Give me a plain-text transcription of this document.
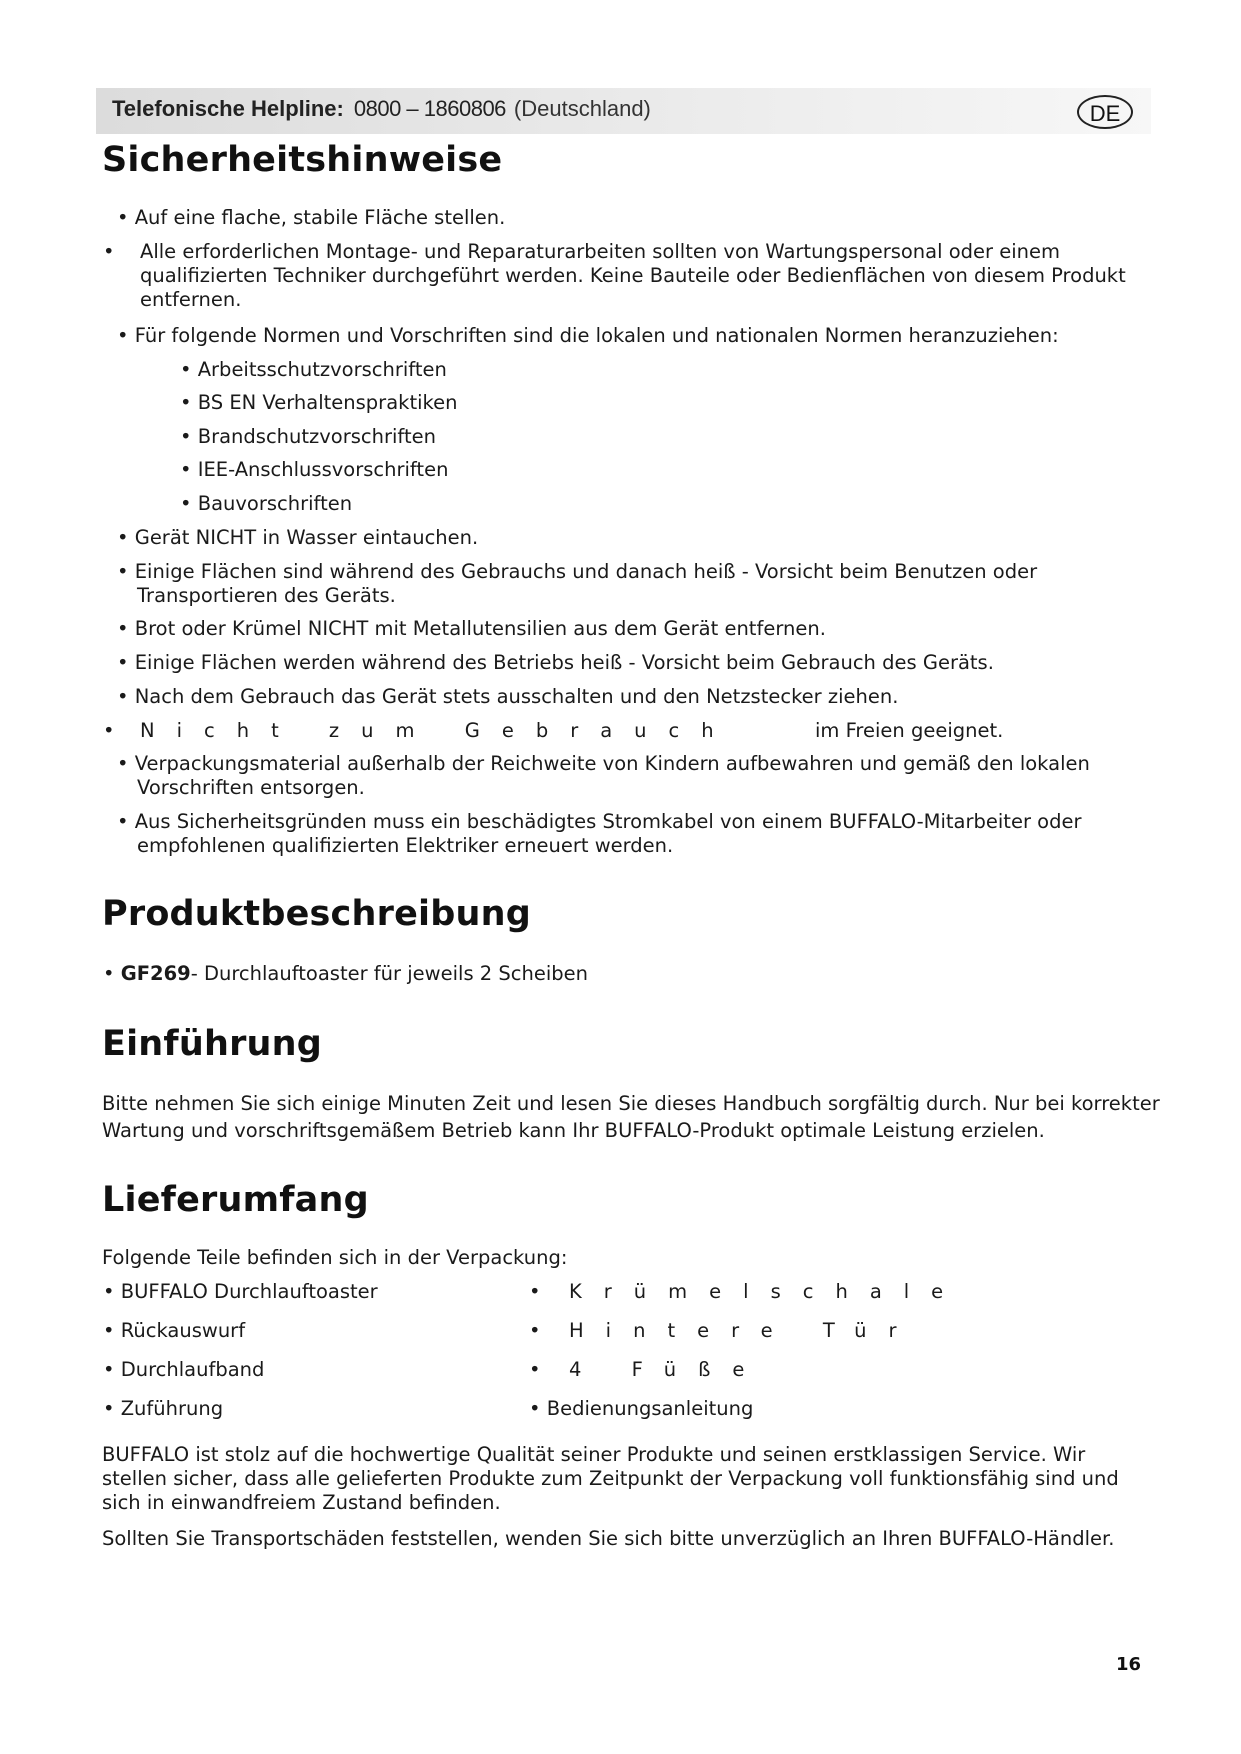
Telefonische Helpline: 0800 – 1860806 (Deutschland)	DE
Sicherheitshinweise
• Auf eine flache, stabile Fläche stellen.
• Alle erforderlichen Montage- und Reparaturarbeiten sollten von Wartungspersonal oder einem qualifizierten Techniker durchgeführt werden. Keine Bauteile oder Bedienflächen von diesem Produkt entfernen.
• Für folgende Normen und Vorschriften sind die lokalen und nationalen Normen heranzuziehen:
• Arbeitsschutzvorschriften
• BS EN Verhaltenspraktiken
• Brandschutzvorschriften
• IEE-Anschlussvorschriften
• Bauvorschriften
• Gerät NICHT in Wasser eintauchen.
• Einige Flächen sind während des Gebrauchs und danach heiß - Vorsicht beim Benutzen oder Transportieren des Geräts.
• Brot oder Krümel NICHT mit Metallutensilien aus dem Gerät entfernen.
• Einige Flächen werden während des Betriebs heiß - Vorsicht beim Gebrauch des Geräts.
• Nach dem Gebrauch das Gerät stets ausschalten und den Netzstecker ziehen.
• Nicht zum Gebrauch	im Freien geeignet.
• Verpackungsmaterial außerhalb der Reichweite von Kindern aufbewahren und gemäß den lokalen Vorschriften entsorgen.
• Aus Sicherheitsgründen muss ein beschädigtes Stromkabel von einem BUFFALO-Mitarbeiter oder empfohlenen qualifizierten Elektriker erneuert werden.
Produktbeschreibung
• GF269- Durchlauftoaster für jeweils 2 Scheiben
Einführung
Bitte nehmen Sie sich einige Minuten Zeit und lesen Sie dieses Handbuch sorgfältig durch. Nur bei korrekter Wartung und vorschriftsgemäßem Betrieb kann Ihr BUFFALO-Produkt optimale Leistung erzielen.
Lieferumfang
Folgende Teile befinden sich in der Verpackung:
• BUFFALO Durchlauftoaster
• Rückauswurf
• Durchlaufband
• Zuführung
• Krümelschale
• Hintere Tür
• 4 Füße
• Bedienungsanleitung
BUFFALO ist stolz auf die hochwertige Qualität seiner Produkte und seinen erstklassigen Service. Wir stellen sicher, dass alle gelieferten Produkte zum Zeitpunkt der Verpackung voll funktionsfähig sind und sich in einwandfreiem Zustand befinden.
Sollten Sie Transportschäden feststellen, wenden Sie sich bitte unverzüglich an Ihren BUFFALO-Händler.
16
